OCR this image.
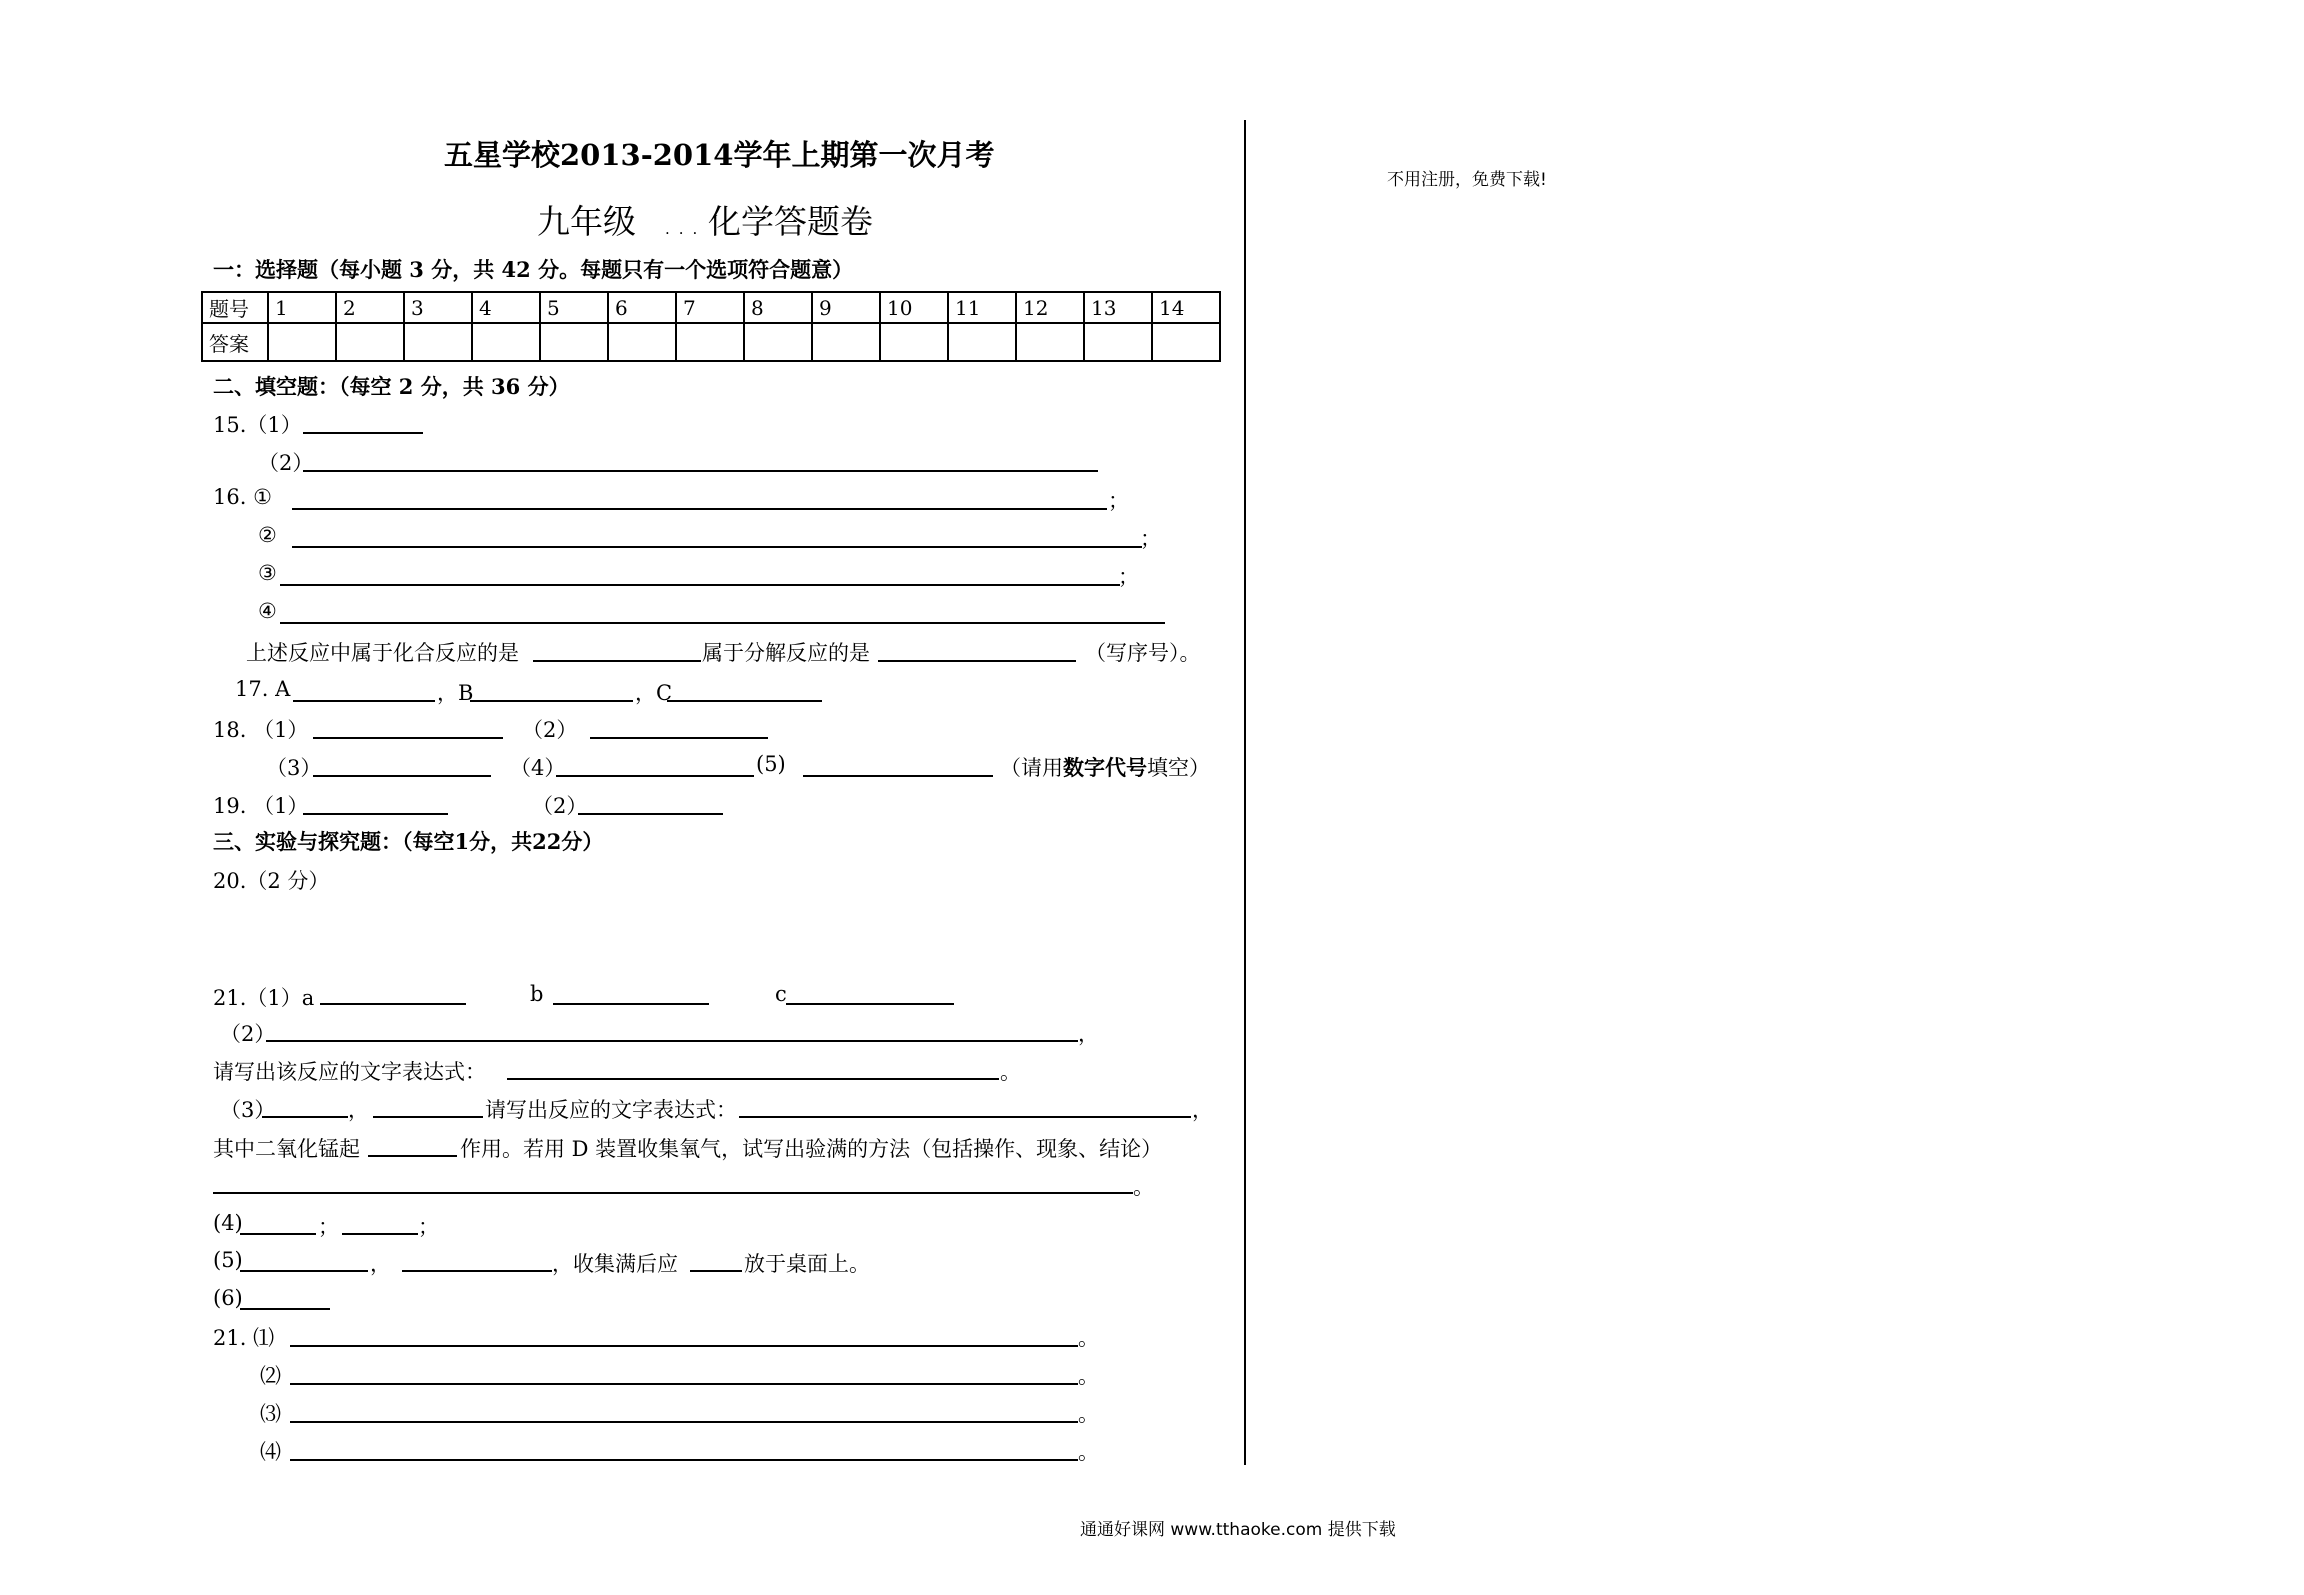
五星学校2013-2014学年上期第一次月考
九年级 ... 化学答题卷
不用注册，免费下载!
一：选择题（每小题 3 分，共 42 分。每题只有一个选项符合题意）
题号	1	2	3	4	5	6	7	8	9	10	11	12	13	14
答案														
二、填空题：（每空 2 分，共 36 分）
15.（1）
（2）
16. ①	；
②	；
③	；
④
上述反应中属于化合反应的是	属于分解反应的是	（写序号）。
17. A	，B	，C
18. （1）	（2）
（3）	（4）	(5)	（请用数字代号填空）
19. （1）	（2）
三、实验与探究题：（每空1分，共22分）
20.（2 分）
21.（1）a	b	c
（2）	，
请写出该反应的文字表达式：	。
（3）	，	请写出反应的文字表达式：	，
其中二氧化锰起	作用。若用 D 装置收集氧气，试写出验满的方法（包括操作、现象、结论）
。
(4)	；	；
(5)	，	，收集满后应	放于桌面上。
(6)
21. ⑴	。
⑵	。
⑶	。
⑷	。
通通好课网 www.tthaoke.com 提供下载
